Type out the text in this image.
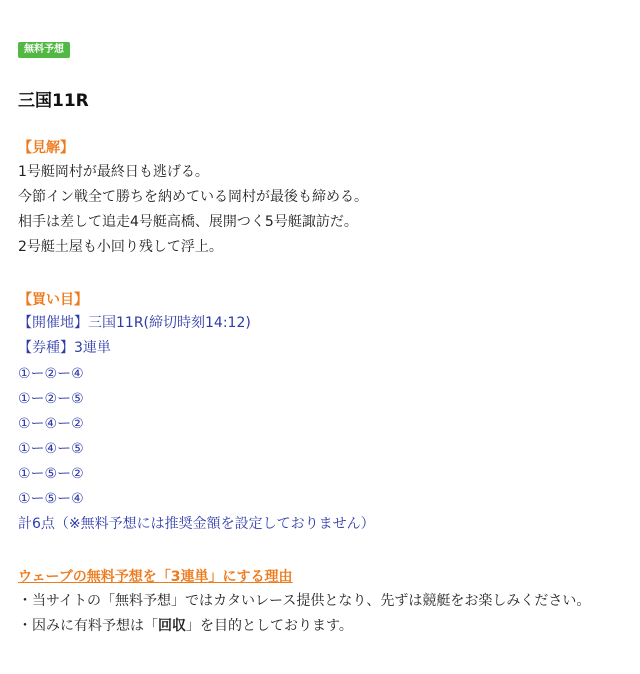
無料予想
三国11R
【見解】
1号艇岡村が最終日も逃げる。
今節イン戦全て勝ちを納めている岡村が最後も締める。
相手は差して追走4号艇高橋、展開つく5号艇諏訪だ。
2号艇土屋も小回り残して浮上。
【買い目】
【開催地】三国11R(締切時刻14:12)
【券種】3連単
①ー②ー④
①ー②ー⑤
①ー④ー②
①ー④ー⑤
①ー⑤ー②
①ー⑤ー④
計6点（※無料予想には推奨金額を設定しておりません）
ウェーブの無料予想を「3連単」にする理由
・当サイトの「無料予想」ではカタいレース提供となり、先ずは競艇をお楽しみください。
・因みに有料予想は「回収」を目的としております。
